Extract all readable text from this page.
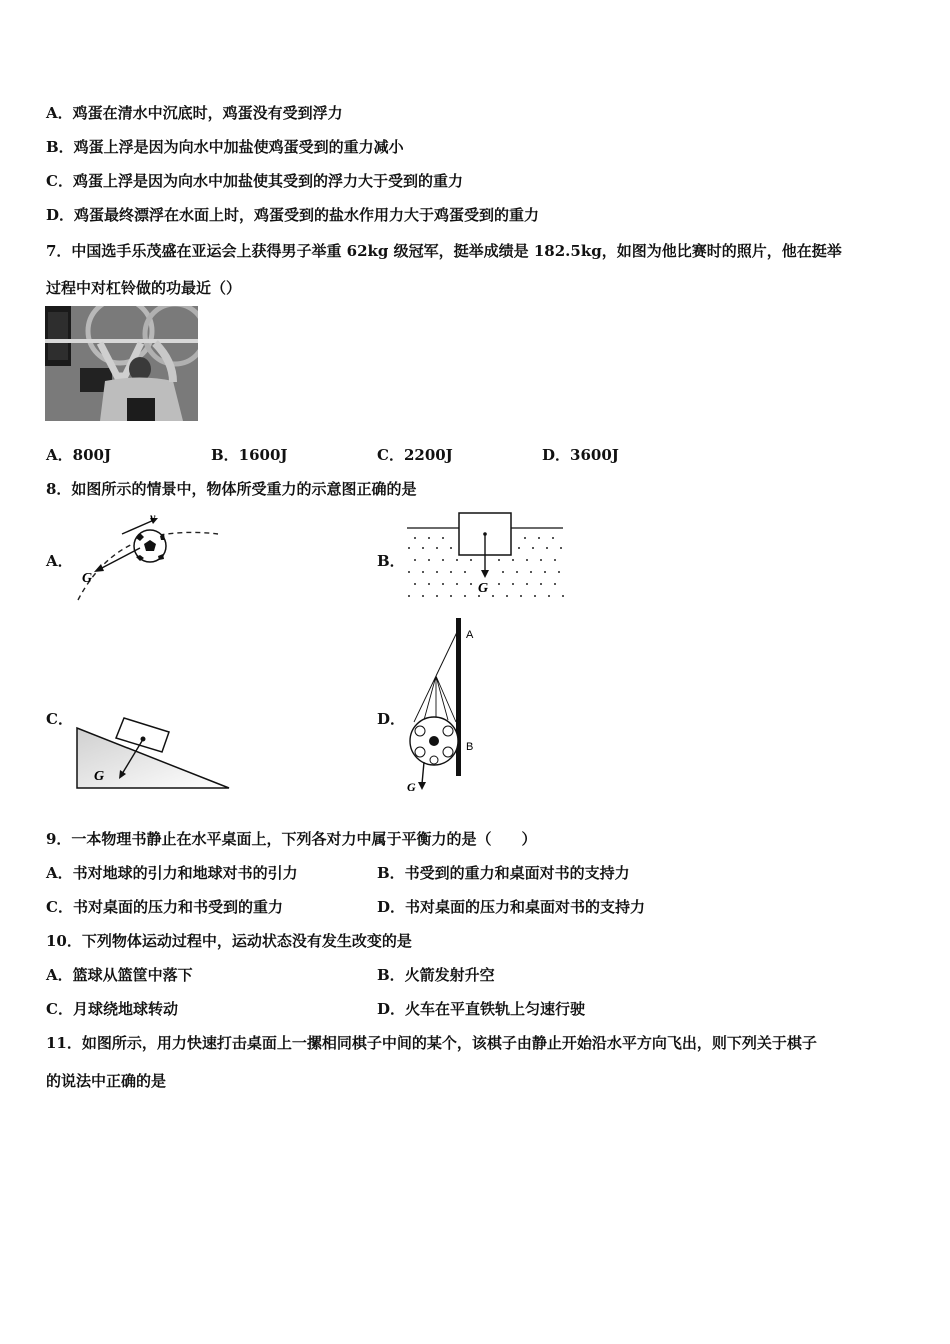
A．鸡蛋在清水中沉底时，鸡蛋没有受到浮力
B．鸡蛋上浮是因为向水中加盐使鸡蛋受到的重力减小
C．鸡蛋上浮是因为向水中加盐使其受到的浮力大于受到的重力
D．鸡蛋最终漂浮在水面上时，鸡蛋受到的盐水作用力大于鸡蛋受到的重力
7．中国选手乐茂盛在亚运会上获得男子举重 62kg 级冠军，挺举成绩是 182.5kg，如图为他比赛时的照片，他在挺举
过程中对杠铃做的功最近（）
A．800J	B．1600J	C．2200J	D．3600J
8．如图所示的情景中，物体所受重力的示意图正确的是
A．
v
G
B．
G
C．
G
D．
G
A
B
9．一本物理书静止在水平桌面上，下列各对力中属于平衡力的是（　　）
A．书对地球的引力和地球对书的引力	B．书受到的重力和桌面对书的支持力
C．书对桌面的压力和书受到的重力	D．书对桌面的压力和桌面对书的支持力
10．下列物体运动过程中，运动状态没有发生改变的是
A．篮球从篮筐中落下	B．火箭发射升空
C．月球绕地球转动	D．火车在平直铁轨上匀速行驶
11．如图所示，用力快速打击桌面上一摞相同棋子中间的某个，该棋子由静止开始沿水平方向飞出，则下列关于棋子
的说法中正确的是
